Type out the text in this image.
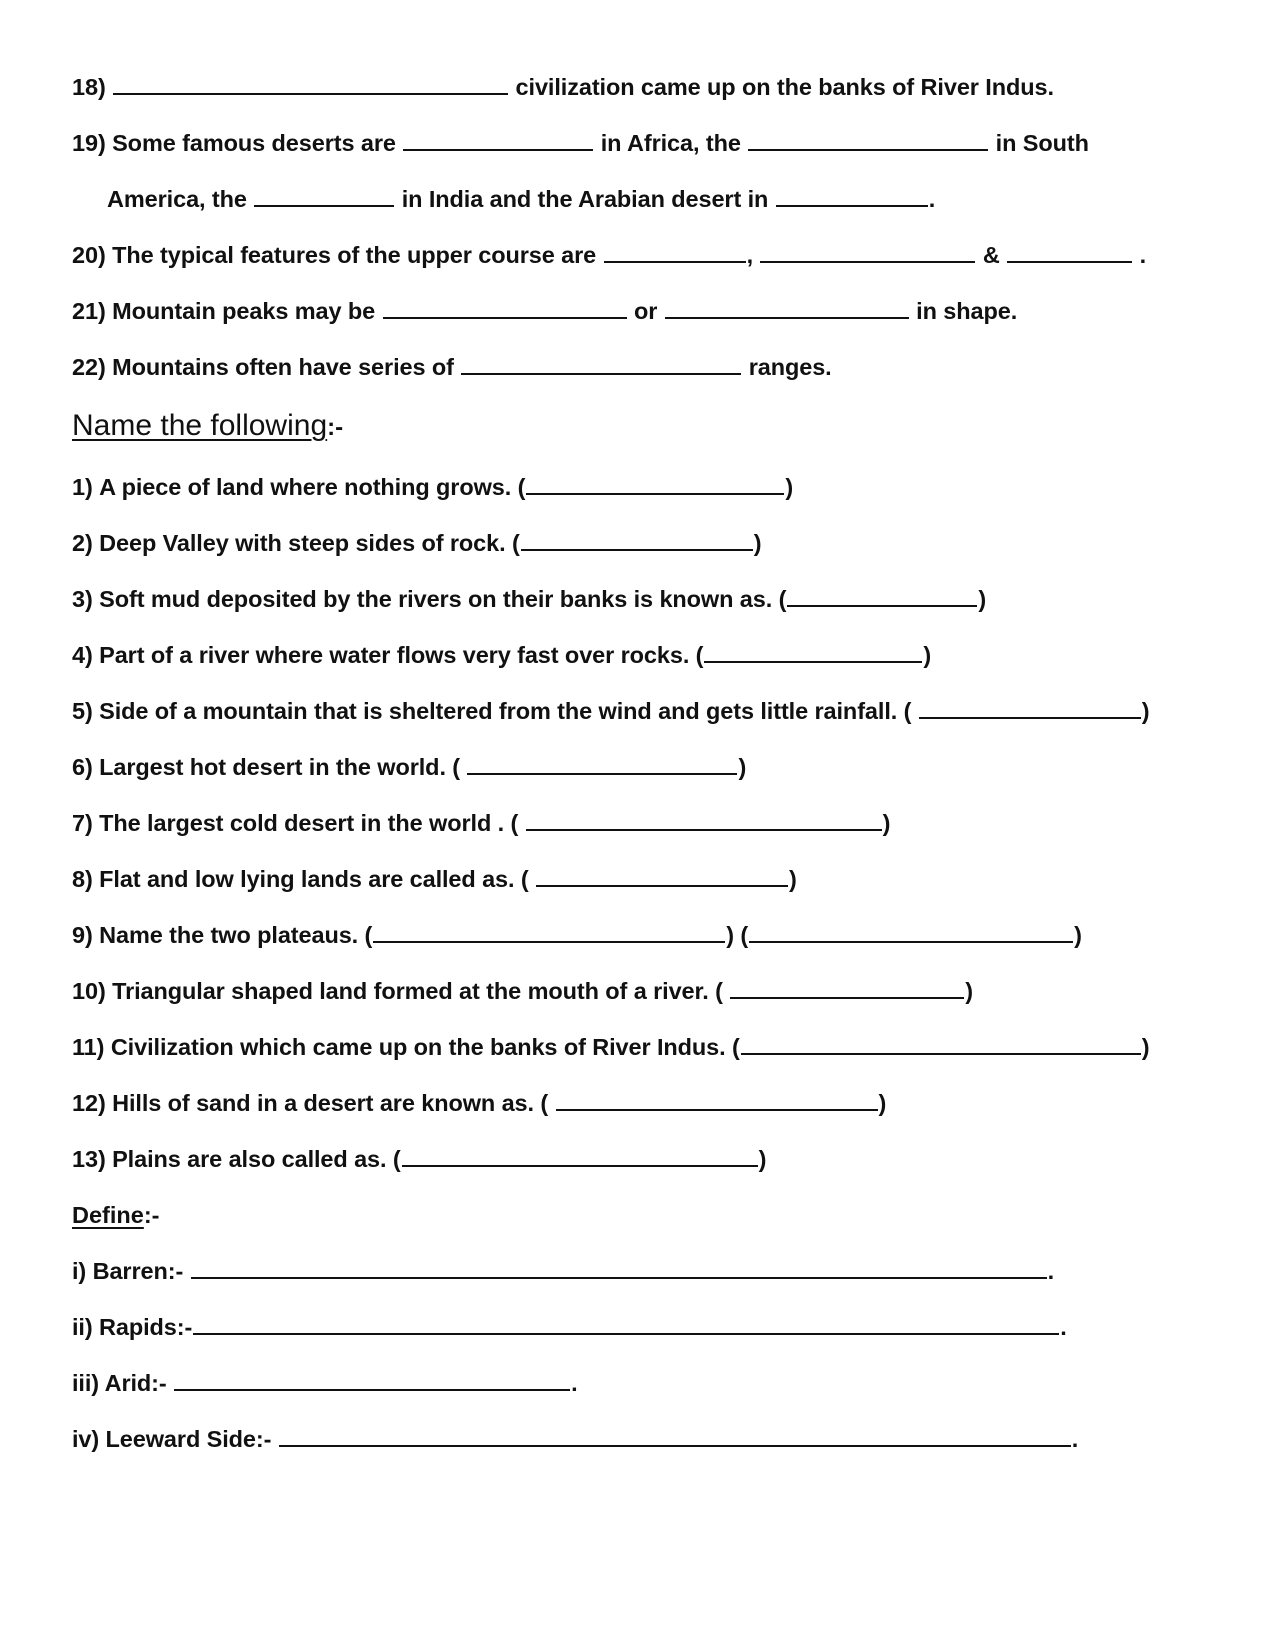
18)	civilization came up on the banks of River Indus.
19) Some famous deserts are	in Africa, the	in South
America, the	in India and the Arabian desert in	.
20) The typical features of the upper course are	,	&	.
21) Mountain peaks may be	or	in shape.
22) Mountains often have series of	ranges.
Name the following:-
1) A piece of land where nothing grows. (	)
2) Deep Valley with steep sides of rock. (	)
3) Soft mud deposited by the rivers on their banks is known as. (	)
4) Part of a river where water flows very fast over rocks. (	)
5) Side of a mountain that is sheltered from the wind and gets little rainfall. (	)
6) Largest hot desert in the world. (	)
7) The largest cold desert in the world . (	)
8) Flat and low lying lands are called as. (	)
9) Name the two plateaus. (	) (	)
10) Triangular shaped land formed at the mouth of a river. (	)
11) Civilization which came up on the banks of River Indus. (	)
12) Hills of sand in a desert are known as. (	)
13) Plains are also called as. (	)
Define:-
i) Barren:-	.
ii) Rapids:-	.
iii) Arid:-	.
iv) Leeward Side:-	.
